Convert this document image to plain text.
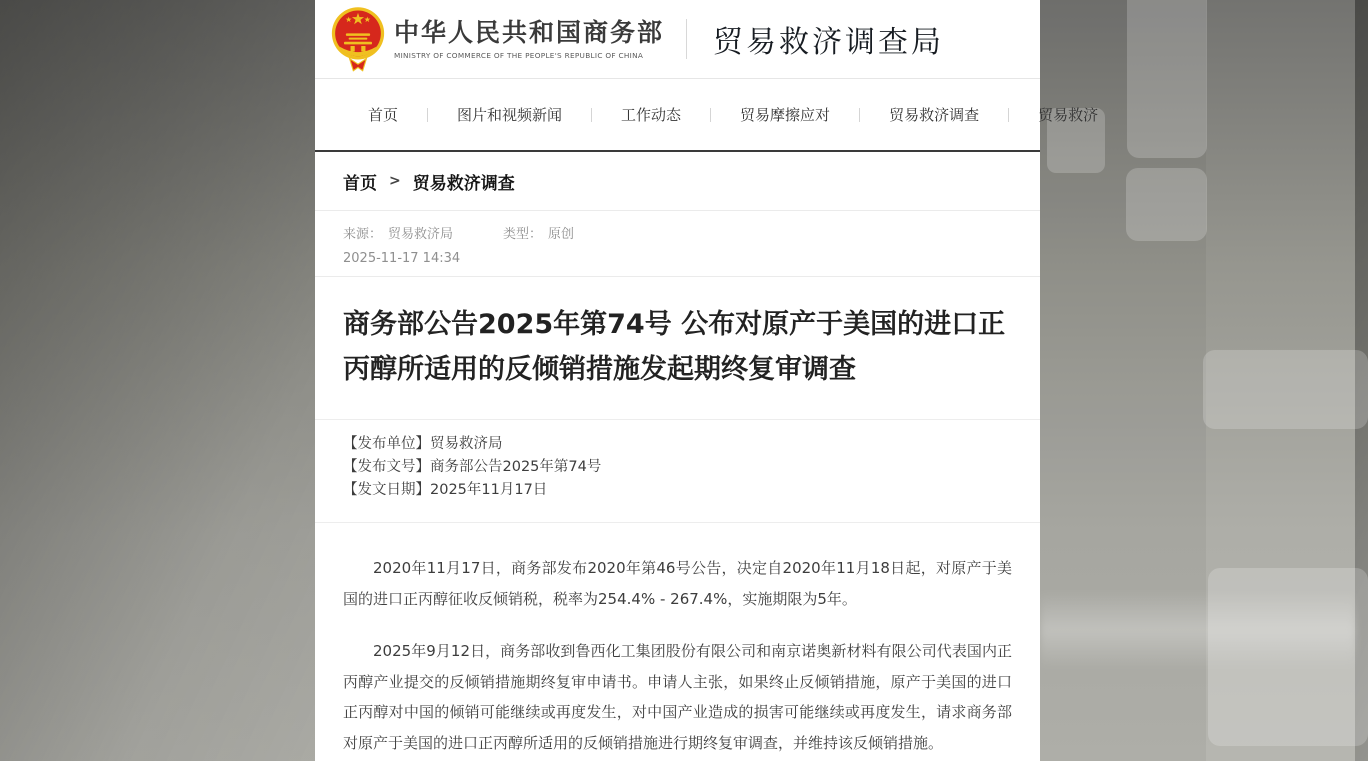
中华人民共和国商务部
MINISTRY OF COMMERCE OF THE PEOPLE'S REPUBLIC OF CHINA	贸易救济调查局
首页	图片和视频新闻	工作动态	贸易摩擦应对	贸易救济调查	贸易救济
首页 > 贸易救济调查
来源： 贸易救济局	类型： 原创
2025-11-17 14:34
商务部公告2025年第74号 公布对原产于美国的进口正丙醇所适用的反倾销措施发起期终复审调查
【发布单位】贸易救济局
【发布文号】商务部公告2025年第74号
【发文日期】2025年11月17日

2020年11月17日，商务部发布2020年第46号公告，决定自2020年11月18日起，对原产于美国的进口正丙醇征收反倾销税，税率为254.4% - 267.4%，实施期限为5年。

2025年9月12日，商务部收到鲁西化工集团股份有限公司和南京诺奥新材料有限公司代表国内正丙醇产业提交的反倾销措施期终复审申请书。申请人主张，如果终止反倾销措施，原产于美国的进口正丙醇对中国的倾销可能继续或再度发生，对中国产业造成的损害可能继续或再度发生，请求商务部对原产于美国的进口正丙醇所适用的反倾销措施进行期终复审调查，并维持该反倾销措施。
